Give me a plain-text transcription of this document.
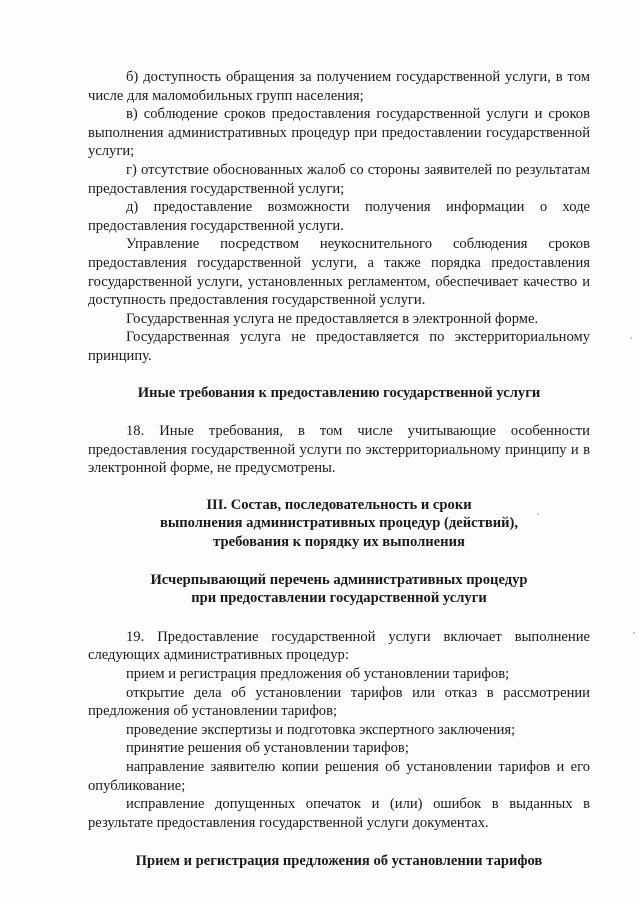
б) доступность обращения за получением государственной услуги, в том числе для маломобильных групп населения;

в) соблюдение сроков предоставления государственной услуги и сроков выполнения административных процедур при предоставлении государственной услуги;

г) отсутствие обоснованных жалоб со стороны заявителей по результатам предоставления государственной услуги;

д) предоставление возможности получения информации о ходе предоставления государственной услуги.

Управление посредством неукоснительного соблюдения сроков предоставления государственной услуги, а также порядка предоставления государственной услуги, установленных регламентом, обеспечивает качество и доступность предоставления государственной услуги.

Государственная услуга не предоставляется в электронной форме.

Государственная услуга не предоставляется по экстерриториальному принципу.

Иные требования к предоставлению государственной услуги

18. Иные требования, в том числе учитывающие особенности предоставления государственной услуги по экстерриториальному принципу и в электронной форме, не предусмотрены.

III. Состав, последовательность и сроки
выполнения административных процедур (действий),
требования к порядку их выполнения
Исчерпывающий перечень административных процедур
при предоставлении государственной услуги

19. Предоставление государственной услуги включает выполнение следующих административных процедур:

прием и регистрация предложения об установлении тарифов;

открытие дела об установлении тарифов или отказ в рассмотрении предложения об установлении тарифов;

проведение экспертизы и подготовка экспертного заключения;

принятие решения об установлении тарифов;

направление заявителю копии решения об установлении тарифов и его опубликование;

исправление допущенных опечаток и (или) ошибок в выданных в результате предоставления государственной услуги документах.

Прием и регистрация предложения об установлении тарифов
